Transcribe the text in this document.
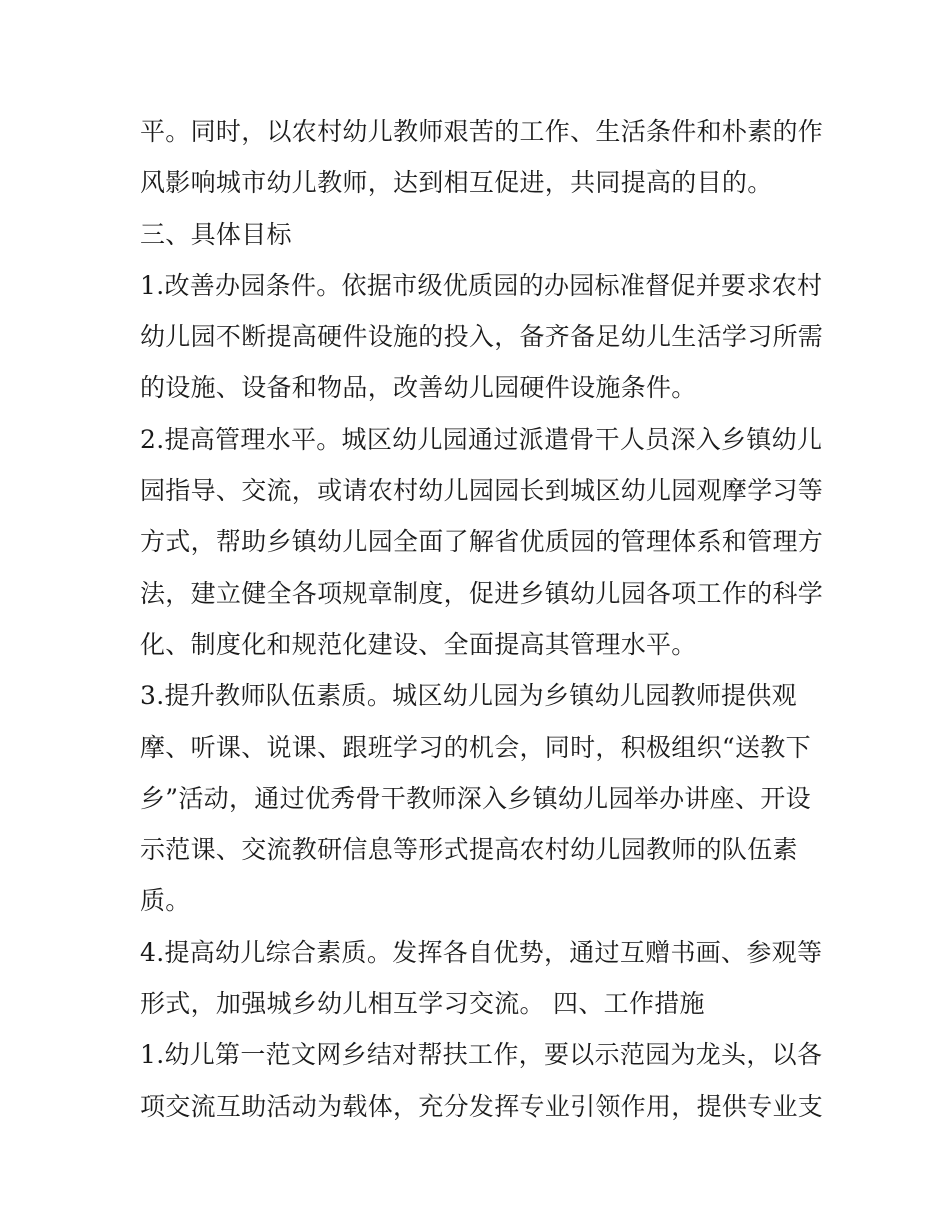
平。同时，以农村幼儿教师艰苦的工作、生活条件和朴素的作
风影响城市幼儿教师，达到相互促进，共同提高的目的。
三、具体目标
1.改善办园条件。依据市级优质园的办园标准督促并要求农村
幼儿园不断提高硬件设施的投入，备齐备足幼儿生活学习所需
的设施、设备和物品，改善幼儿园硬件设施条件。
2.提高管理水平。城区幼儿园通过派遣骨干人员深入乡镇幼儿
园指导、交流，或请农村幼儿园园长到城区幼儿园观摩学习等
方式，帮助乡镇幼儿园全面了解省优质园的管理体系和管理方
法，建立健全各项规章制度，促进乡镇幼儿园各项工作的科学
化、制度化和规范化建设、全面提高其管理水平。
3.提升教师队伍素质。城区幼儿园为乡镇幼儿园教师提供观
摩、听课、说课、跟班学习的机会，同时，积极组织“送教下
乡”活动，通过优秀骨干教师深入乡镇幼儿园举办讲座、开设
示范课、交流教研信息等形式提高农村幼儿园教师的队伍素
质。
4.提高幼儿综合素质。发挥各自优势，通过互赠书画、参观等
形式，加强城乡幼儿相互学习交流。 四、工作措施
1.幼儿第一范文网乡结对帮扶工作，要以示范园为龙头，以各
项交流互助活动为载体，充分发挥专业引领作用，提供专业支
